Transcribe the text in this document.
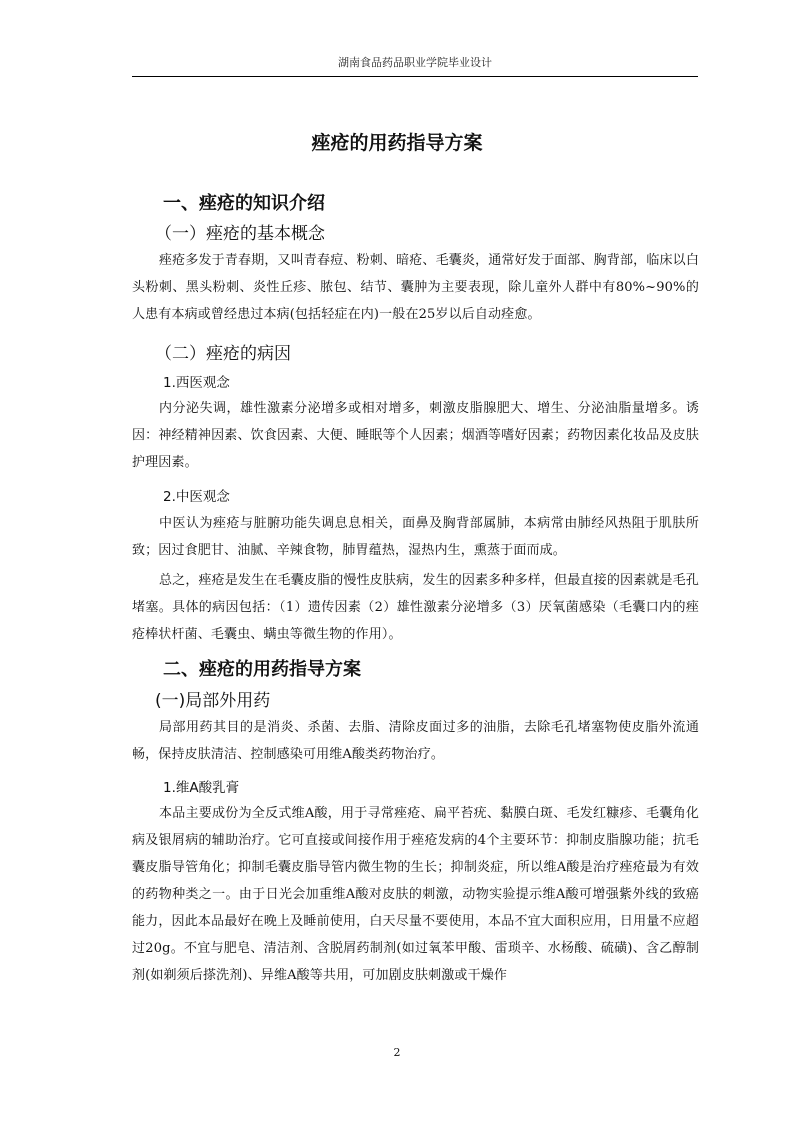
湖南食品药品职业学院毕业设计
痤疮的用药指导方案
一、痤疮的知识介绍
（一）痤疮的基本概念

痤疮多发于青春期，又叫青春痘、粉刺、暗疮、毛囊炎，通常好发于面部、胸背部，临床以白头粉刺、黑头粉刺、炎性丘疹、脓包、结节、囊肿为主要表现，除儿童外人群中有80%~90%的人患有本病或曾经患过本病(包括轻症在内)一般在25岁以后自动痊愈。

（二）痤疮的病因
1.西医观念

内分泌失调，雄性激素分泌增多或相对增多，刺激皮脂腺肥大、增生、分泌油脂量增多。诱因：神经精神因素、饮食因素、大便、睡眠等个人因素；烟酒等嗜好因素；药物因素化妆品及皮肤护理因素。

2.中医观念

中医认为痤疮与脏腑功能失调息息相关，面鼻及胸背部属肺，本病常由肺经风热阻于肌肤所致；因过食肥甘、油腻、辛辣食物，肺胃蕴热，湿热内生，熏蒸于面而成。

总之，痤疮是发生在毛囊皮脂的慢性皮肤病，发生的因素多种多样，但最直接的因素就是毛孔堵塞。具体的病因包括：（1）遗传因素（2）雄性激素分泌增多（3）厌氧菌感染（毛囊口内的痤疮棒状杆菌、毛囊虫、螨虫等微生物的作用）。

二、痤疮的用药指导方案
(一)局部外用药

局部用药其目的是消炎、杀菌、去脂、清除皮面过多的油脂，去除毛孔堵塞物使皮脂外流通畅，保持皮肤清洁、控制感染可用维A酸类药物治疗。

1.维A酸乳膏

本品主要成份为全反式维A酸，用于寻常痤疮、扁平苔疣、黏膜白斑、毛发红糠疹、毛囊角化病及银屑病的辅助治疗。它可直接或间接作用于痤疮发病的4个主要环节：抑制皮脂腺功能；抗毛囊皮脂导管角化；抑制毛囊皮脂导管内微生物的生长；抑制炎症，所以维A酸是治疗痤疮最为有效的药物种类之一。由于日光会加重维A酸对皮肤的刺激，动物实验提示维A酸可增强紫外线的致癌能力，因此本品最好在晚上及睡前使用，白天尽量不要使用，本品不宜大面积应用，日用量不应超过20g。不宜与肥皂、清洁剂、含脱屑药制剂(如过氧苯甲酸、雷琐辛、水杨酸、硫磺)、含乙醇制剂(如剃须后搽洗剂)、异维A酸等共用，可加剧皮肤刺激或干燥作

2
